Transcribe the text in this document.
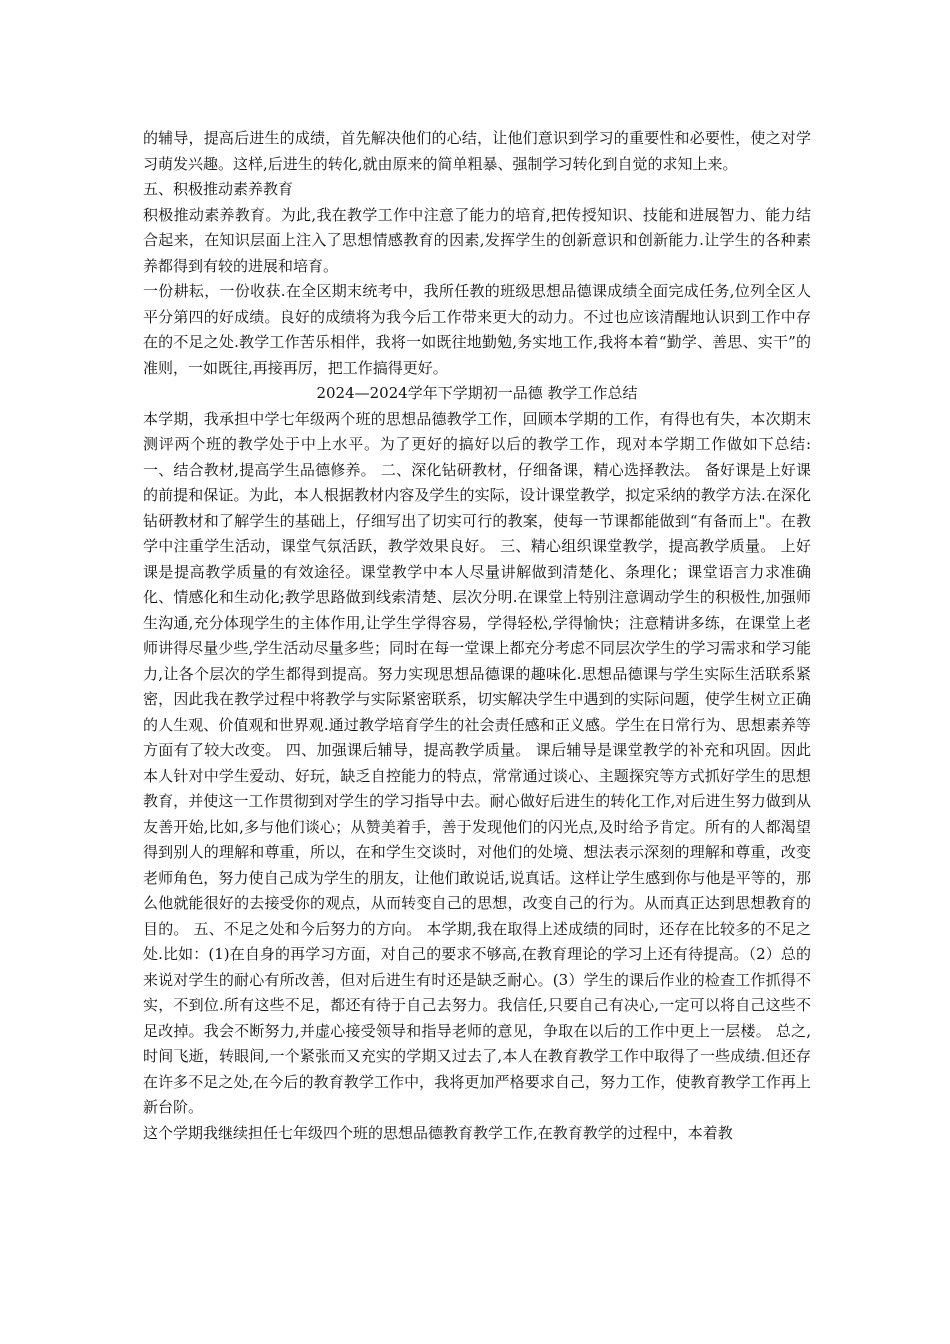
的辅导，提高后进生的成绩，首先解决他们的心结，让他们意识到学习的重要性和必要性，使之对学习萌发兴趣。这样,后进生的转化,就由原来的简单粗暴、强制学习转化到自觉的求知上来。

五、积极推动素养教育

积极推动素养教育。为此,我在教学工作中注意了能力的培育,把传授知识、技能和进展智力、能力结合起来，在知识层面上注入了思想情感教育的因素,发挥学生的创新意识和创新能力.让学生的各种素养都得到有较的进展和培育。

一份耕耘，一份收获.在全区期末统考中，我所任教的班级思想品德课成绩全面完成任务,位列全区人平分第四的好成绩。良好的成绩将为我今后工作带来更大的动力。不过也应该清醒地认识到工作中存在的不足之处.教学工作苦乐相伴，我将一如既往地勤勉,务实地工作,我将本着“勤学、善思、实干”的准则，一如既往,再接再厉，把工作搞得更好。

2024—2024学年下学期初一品德 教学工作总结

本学期，我承担中学七年级两个班的思想品德教学工作，回顾本学期的工作，有得也有失，本次期末测评两个班的教学处于中上水平。为了更好的搞好以后的教学工作，现对本学期工作做如下总结: 一、结合教材,提高学生品德修养。 二、深化钻研教材，仔细备课，精心选择教法。 备好课是上好课的前提和保证。为此，本人根据教材内容及学生的实际，设计课堂教学，拟定采纳的教学方法.在深化钻研教材和了解学生的基础上，仔细写出了切实可行的教案，使每一节课都能做到“有备而上"。在教学中注重学生活动，课堂气氛活跃，教学效果良好。 三、精心组织课堂教学，提高教学质量。 上好课是提高教学质量的有效途径。课堂教学中本人尽量讲解做到清楚化、条理化；课堂语言力求准确化、情感化和生动化;教学思路做到线索清楚、层次分明.在课堂上特别注意调动学生的积极性,加强师生沟通,充分体现学生的主体作用,让学生学得容易，学得轻松,学得愉快；注意精讲多练，在课堂上老师讲得尽量少些,学生活动尽量多些；同时在每一堂课上都充分考虑不同层次学生的学习需求和学习能力,让各个层次的学生都得到提高。努力实现思想品德课的趣味化.思想品德课与学生实际生活联系紧密，因此我在教学过程中将教学与实际紧密联系，切实解决学生中遇到的实际问题，使学生树立正确的人生观、价值观和世界观.通过教学培育学生的社会责任感和正义感。学生在日常行为、思想素养等方面有了较大改变。 四、加强课后辅导，提高教学质量。 课后辅导是课堂教学的补充和巩固。因此本人针对中学生爱动、好玩，缺乏自控能力的特点，常常通过谈心、主题探究等方式抓好学生的思想教育，并使这一工作贯彻到对学生的学习指导中去。耐心做好后进生的转化工作,对后进生努力做到从友善开始,比如,多与他们谈心；从赞美着手，善于发现他们的闪光点,及时给予肯定。所有的人都渴望得到别人的理解和尊重，所以，在和学生交谈时，对他们的处境、想法表示深刻的理解和尊重，改变老师角色，努力使自己成为学生的朋友，让他们敢说话,说真话。这样让学生感到你与他是平等的，那么他就能很好的去接受你的观点，从而转变自己的思想，改变自己的行为。从而真正达到思想教育的目的。 五、不足之处和今后努力的方向。 本学期,我在取得上述成绩的同时，还存在比较多的不足之处.比如：(1)在自身的再学习方面，对自己的要求不够高,在教育理论的学习上还有待提高。（2）总的来说对学生的耐心有所改善，但对后进生有时还是缺乏耐心。(3）学生的课后作业的检查工作抓得不实，不到位.所有这些不足，都还有待于自己去努力。我信任,只要自己有决心,一定可以将自己这些不足改掉。我会不断努力,并虚心接受领导和指导老师的意见，争取在以后的工作中更上一层楼。 总之,时间飞逝，转眼间,一个紧张而又充实的学期又过去了,本人在教育教学工作中取得了一些成绩.但还存在许多不足之处,在今后的教育教学工作中，我将更加严格要求自己，努力工作，使教育教学工作再上新台阶。

这个学期我继续担任七年级四个班的思想品德教育教学工作,在教育教学的过程中，本着教
